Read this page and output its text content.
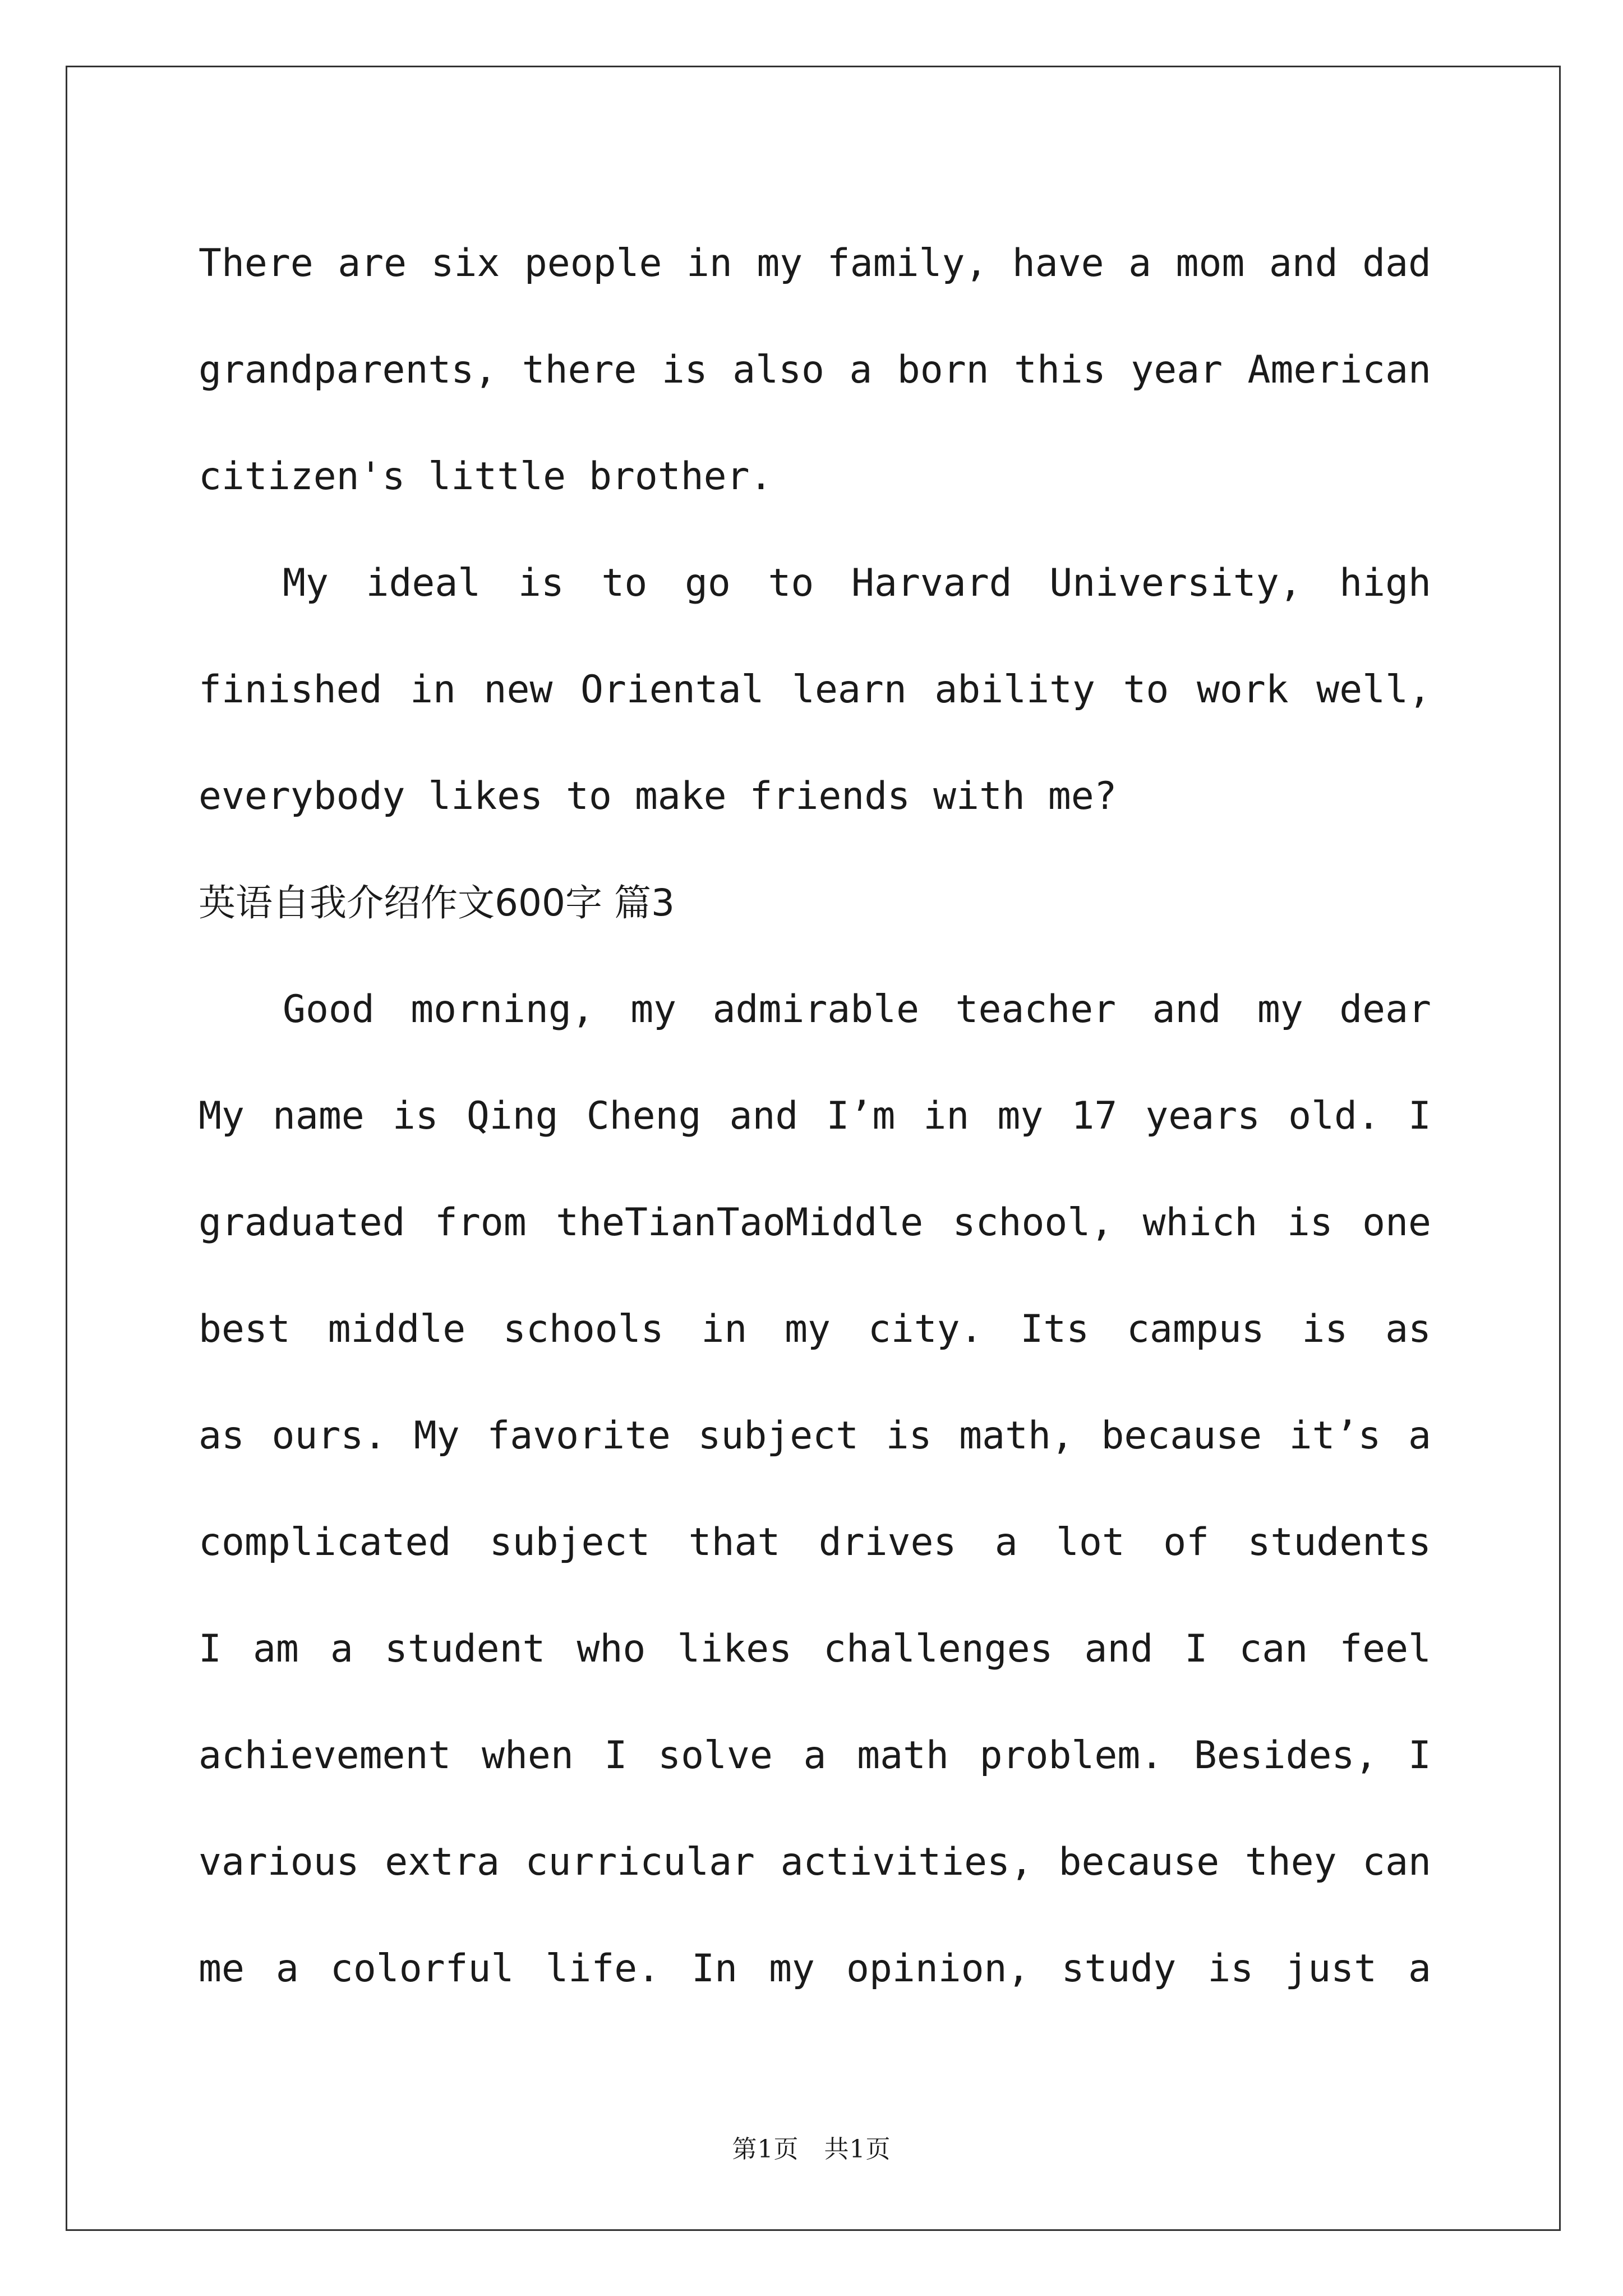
There are six people in my family, have a mom and dad
grandparents, there is also a born this year American
citizen's little brother.
My ideal is to go to Harvard University, high
finished in new Oriental learn ability to work well,
everybody likes to make friends with me?
英语自我介绍作文600字 篇3
Good morning, my admirable teacher and my dear
My name is Qing Cheng and I’m in my 17 years old. I
graduated from theTianTaoMiddle school, which is one
best middle schools in my city. Its campus is as
as ours. My favorite subject is math, because it’s a
complicated subject that drives a lot of students
I am a student who likes challenges and I can feel
achievement when I solve a math problem. Besides, I
various extra curricular activities, because they can
me a colorful life. In my opinion, study is just a
第1页　共1页
